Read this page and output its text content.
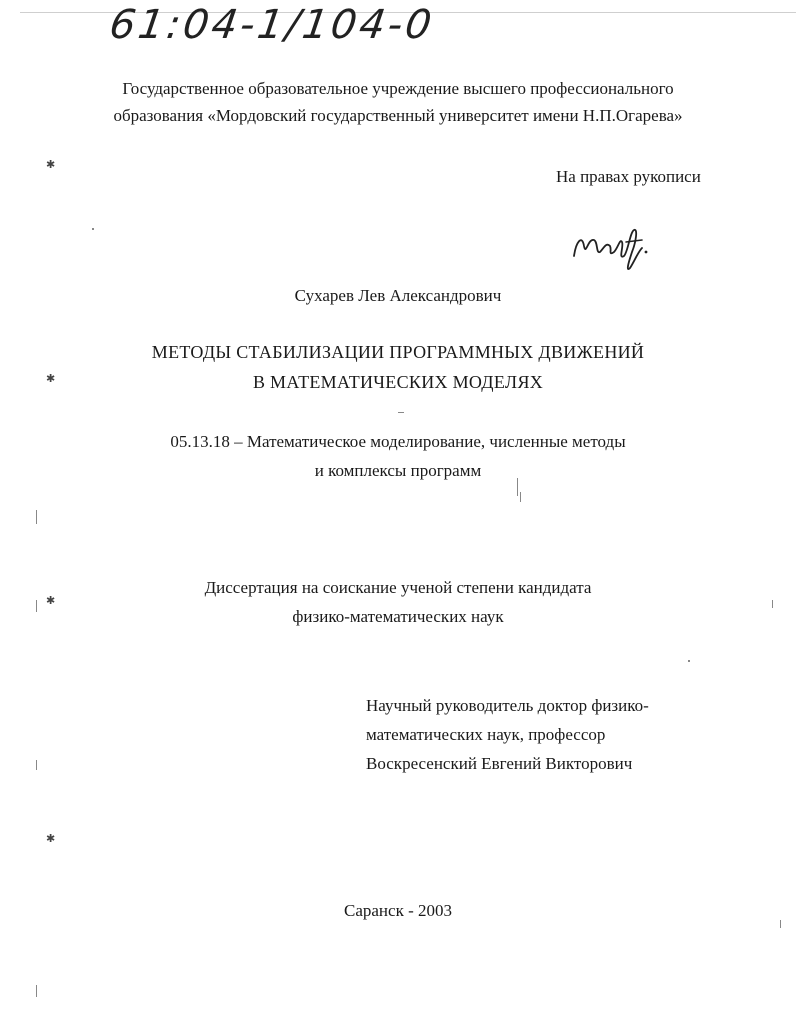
61:04-1/104-0
Государственное образовательное учреждение высшего профессионального
образования «Мордовский государственный университет имени Н.П.Огарева»
На правах рукописи
Сухарев Лев Александрович
МЕТОДЫ СТАБИЛИЗАЦИИ ПРОГРАММНЫХ ДВИЖЕНИЙ
В МАТЕМАТИЧЕСКИХ МОДЕЛЯХ
05.13.18 – Математическое моделирование, численные методы
и комплексы программ
Диссертация на соискание ученой степени кандидата
физико-математических наук
Научный руководитель доктор физико-
математических наук, профессор
Воскресенский Евгений Викторович
Саранск - 2003
✱
✱
✱
✱
